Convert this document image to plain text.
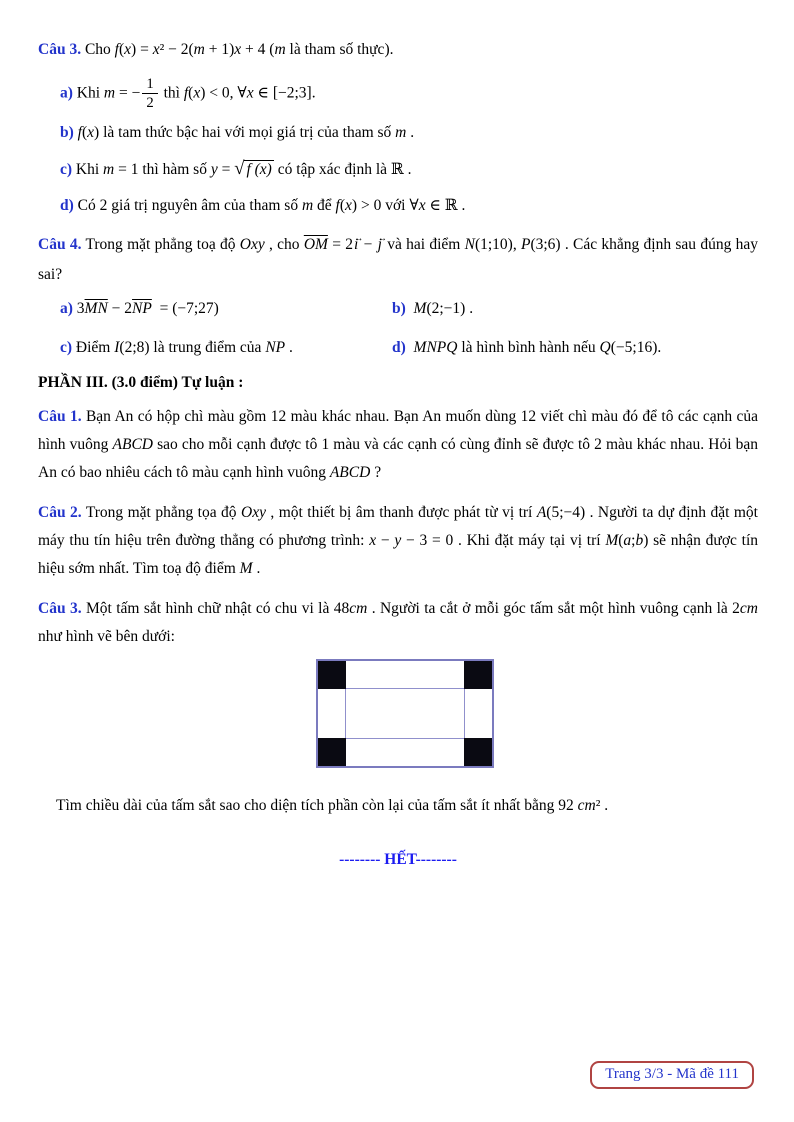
Câu 3. Cho f(x) = x² − 2(m + 1)x + 4 (m là tham số thực).

a) Khi m = − $\frac{1}{2}$ thì f(x) < 0, ∀x ∈ [−2;3].

b) f(x) là tam thức bậc hai với mọi giá trị của tham số m .

c) Khi m = 1 thì hàm số y = √ f (x) có tập xác định là ℝ .

d) Có 2 giá trị nguyên âm của tham số m để f(x) > 0 với ∀x ∈ ℝ .

Câu 4. Trong mặt phẳng toạ độ Oxy , cho $\overline{OM} = 2i$ → − j → và hai điểm N(1;10), P(3;6) . Các khẳng định sau đúng hay sai?

a) $3\overline{MN} - 2\overline{NP}$  = (−7;27)	b) M(2;−1) .

c) Điểm I(2;8) là trung điểm của NP .	d) MNPQ là hình bình hành nếu Q(−5;16).

PHẦN III. (3.0 điểm) Tự luận :

Câu 1. Bạn An có hộp chì màu gồm 12 màu khác nhau. Bạn An muốn dùng 12 viết chì màu đó để tô các cạnh của hình vuông ABCD sao cho mỗi cạnh được tô 1 màu và các cạnh có cùng đỉnh sẽ được tô 2 màu khác nhau. Hỏi bạn An có bao nhiêu cách tô màu cạnh hình vuông ABCD ?

Câu 2. Trong mặt phẳng tọa độ Oxy , một thiết bị âm thanh được phát từ vị trí A(5;−4) . Người ta dự định đặt một máy thu tín hiệu trên đường thẳng có phương trình: x − y − 3 = 0 . Khi đặt máy tại vị trí M(a;b) sẽ nhận được tín hiệu sớm nhất. Tìm toạ độ điểm M .

Câu 3. Một tấm sắt hình chữ nhật có chu vi là 48cm . Người ta cắt ở mỗi góc tấm sắt một hình vuông cạnh là 2cm như hình vẽ bên dưới:

Tìm chiều dài của tấm sắt sao cho diện tích phần còn lại của tấm sắt ít nhất bằng 92 cm² .

-------- HẾT--------

Trang 3/3 - Mã đề 111
